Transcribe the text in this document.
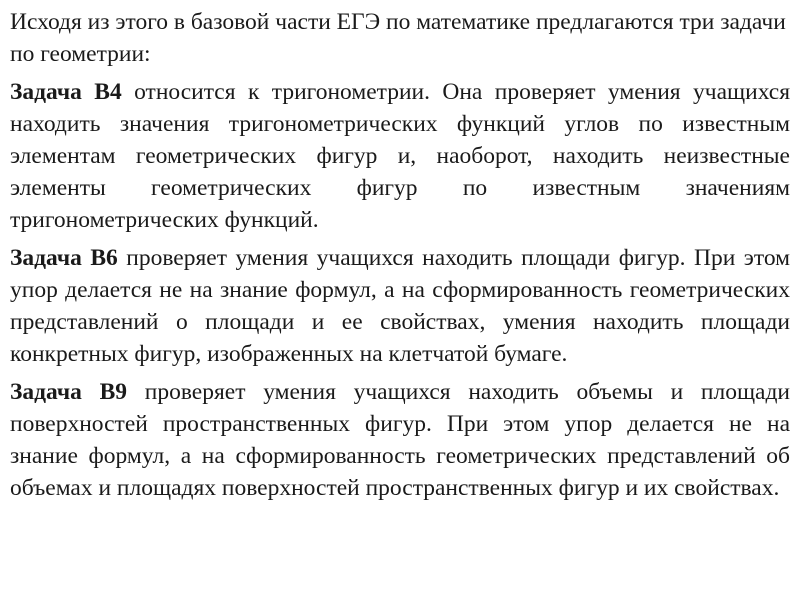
Исходя из этого в базовой части ЕГЭ по математике предлагаются три задачи по геометрии:

Задача В4 относится к тригонометрии. Она проверяет умения учащихся находить значения тригонометрических функций углов по известным элементам геометрических фигур и, наоборот, находить неизвестные элементы геометрических фигур по известным значениям тригонометрических функций.

Задача В6 проверяет умения учащихся находить площади фигур. При этом упор делается не на знание формул, а на сформированность геометрических представлений о площади и ее свойствах, умения находить площади конкретных фигур, изображенных на клетчатой бумаге.

Задача В9 проверяет умения учащихся находить объемы и площади поверхностей пространственных фигур. При этом упор делается не на знание формул, а на сформированность геометрических представлений об объемах и площадях поверхностей пространственных фигур и их свойствах.
